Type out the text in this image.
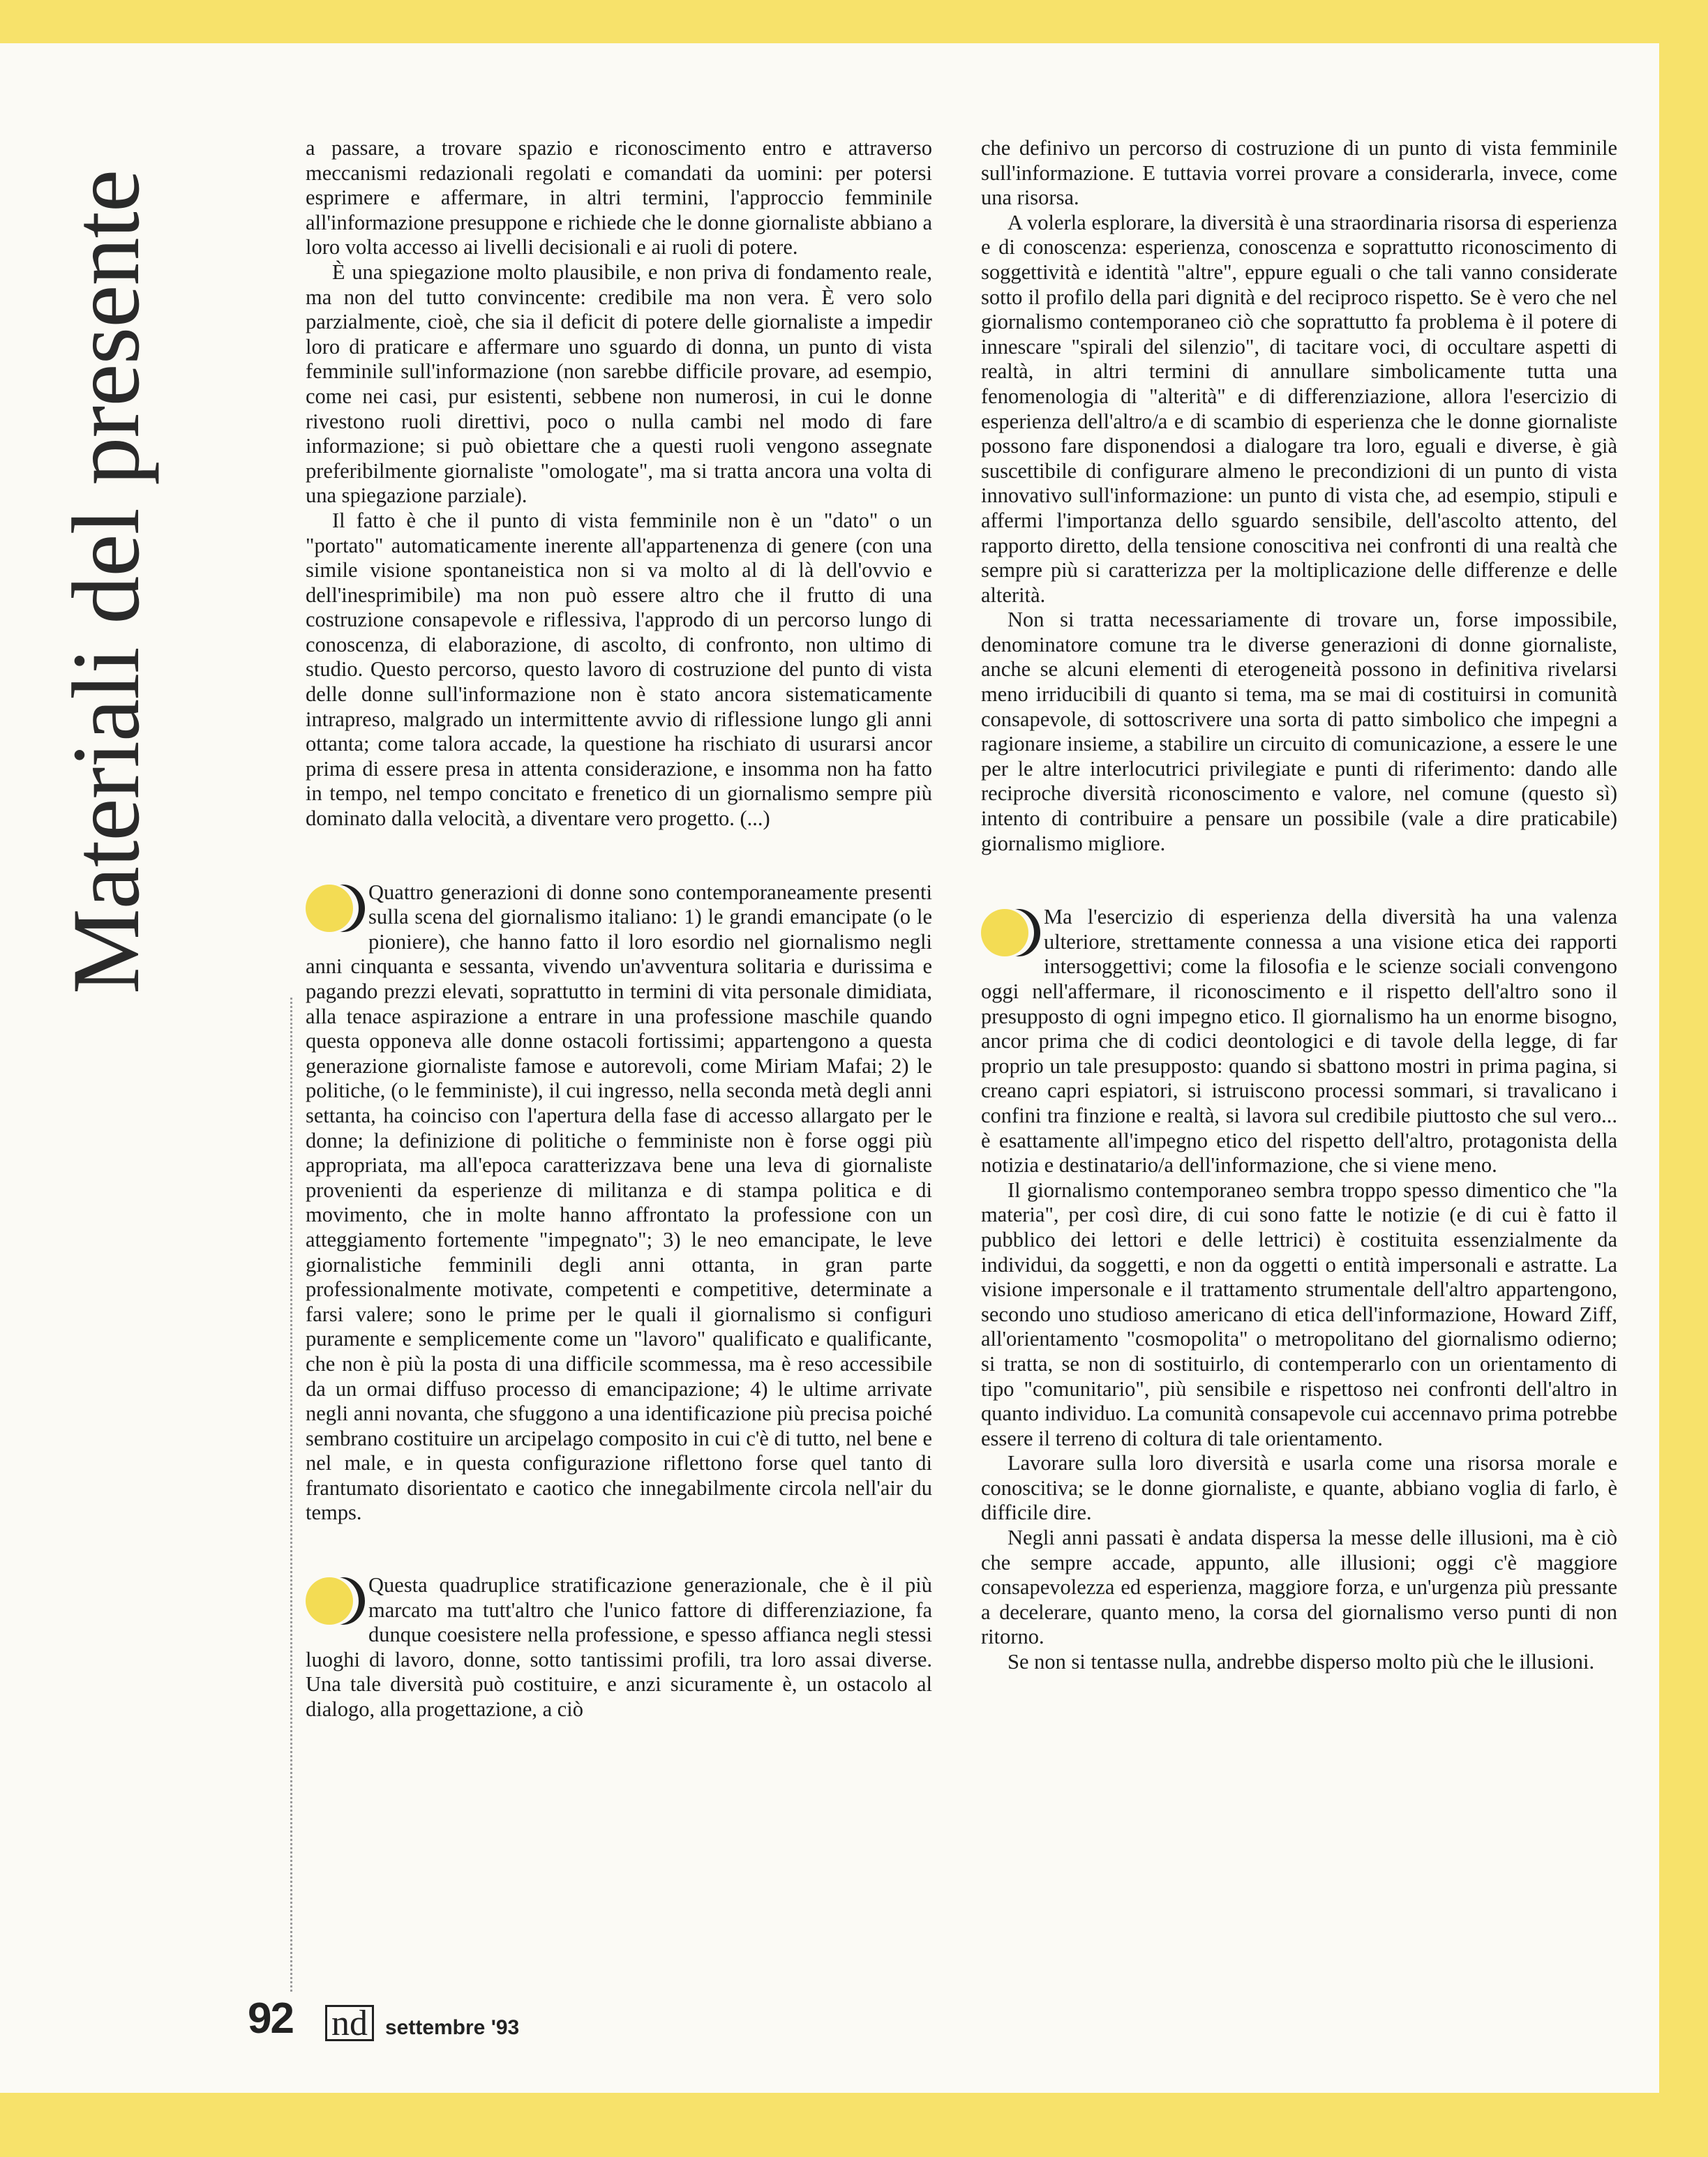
Materiali del presente

a passare, a trovare spazio e riconoscimento entro e attraverso meccanismi redazionali regolati e comandati da uomini: per potersi esprimere e affermare, in altri termini, l'approccio femminile all'informazione presuppone e richiede che le donne giornaliste abbiano a loro volta accesso ai livelli decisionali e ai ruoli di potere.

È una spiegazione molto plausibile, e non priva di fondamento reale, ma non del tutto convincente: credibile ma non vera. È vero solo parzialmente, cioè, che sia il deficit di potere delle giornaliste a impedir loro di praticare e affermare uno sguardo di donna, un punto di vista femminile sull'informazione (non sarebbe difficile provare, ad esempio, come nei casi, pur esistenti, sebbene non numerosi, in cui le donne rivestono ruoli direttivi, poco o nulla cambi nel modo di fare informazione; si può obiettare che a questi ruoli vengono assegnate preferibilmente giornaliste "omologate", ma si tratta ancora una volta di una spiegazione parziale).

Il fatto è che il punto di vista femminile non è un "dato" o un "portato" automaticamente inerente all'appartenenza di genere (con una simile visione spontaneistica non si va molto al di là dell'ovvio e dell'inesprimibile) ma non può essere altro che il frutto di una costruzione consapevole e riflessiva, l'approdo di un percorso lungo di conoscenza, di elaborazione, di ascolto, di confronto, non ultimo di studio. Questo percorso, questo lavoro di costruzione del punto di vista delle donne sull'informazione non è stato ancora sistematicamente intrapreso, malgrado un intermittente avvio di riflessione lungo gli anni ottanta; come talora accade, la questione ha rischiato di usurarsi ancor prima di essere presa in attenta considerazione, e insomma non ha fatto in tempo, nel tempo concitato e frenetico di un giornalismo sempre più dominato dalla velocità, a diventare vero progetto. (...)

Quattro generazioni di donne sono contemporaneamente presenti sulla scena del giornalismo italiano: 1) le grandi emancipate (o le pioniere), che hanno fatto il loro esordio nel giornalismo negli anni cinquanta e sessanta, vivendo un'avventura solitaria e durissima e pagando prezzi elevati, soprattutto in termini di vita personale dimidiata, alla tenace aspirazione a entrare in una professione maschile quando questa opponeva alle donne ostacoli fortissimi; appartengono a questa generazione giornaliste famose e autorevoli, come Miriam Mafai; 2) le politiche, (o le femministe), il cui ingresso, nella seconda metà degli anni settanta, ha coinciso con l'apertura della fase di accesso allargato per le donne; la definizione di politiche o femministe non è forse oggi più appropriata, ma all'epoca caratterizzava bene una leva di giornaliste provenienti da esperienze di militanza e di stampa politica e di movimento, che in molte hanno affrontato la professione con un atteggiamento fortemente "impegnato"; 3) le neo emancipate, le leve giornalistiche femminili degli anni ottanta, in gran parte professionalmente motivate, competenti e competitive, determinate a farsi valere; sono le prime per le quali il giornalismo si configuri puramente e semplicemente come un "lavoro" qualificato e qualificante, che non è più la posta di una difficile scommessa, ma è reso accessibile da un ormai diffuso processo di emancipazione; 4) le ultime arrivate negli anni novanta, che sfuggono a una identificazione più precisa poiché sembrano costituire un arcipelago composito in cui c'è di tutto, nel bene e nel male, e in questa configurazione riflettono forse quel tanto di frantumato disorientato e caotico che innegabilmente circola nell'air du temps.

Questa quadruplice stratificazione generazionale, che è il più marcato ma tutt'altro che l'unico fattore di differenziazione, fa dunque coesistere nella professione, e spesso affianca negli stessi luoghi di lavoro, donne, sotto tantissimi profili, tra loro assai diverse. Una tale diversità può costituire, e anzi sicuramente è, un ostacolo al dialogo, alla progettazione, a ciò

che definivo un percorso di costruzione di un punto di vista femminile sull'informazione. E tuttavia vorrei provare a considerarla, invece, come una risorsa.

A volerla esplorare, la diversità è una straordinaria risorsa di esperienza e di conoscenza: esperienza, conoscenza e soprattutto riconoscimento di soggettività e identità "altre", eppure eguali o che tali vanno considerate sotto il profilo della pari dignità e del reciproco rispetto. Se è vero che nel giornalismo contemporaneo ciò che soprattutto fa problema è il potere di innescare "spirali del silenzio", di tacitare voci, di occultare aspetti di realtà, in altri termini di annullare simbolicamente tutta una fenomenologia di "alterità" e di differenziazione, allora l'esercizio di esperienza dell'altro/a e di scambio di esperienza che le donne giornaliste possono fare disponendosi a dialogare tra loro, eguali e diverse, è già suscettibile di configurare almeno le precondizioni di un punto di vista innovativo sull'informazione: un punto di vista che, ad esempio, stipuli e affermi l'importanza dello sguardo sensibile, dell'ascolto attento, del rapporto diretto, della tensione conoscitiva nei confronti di una realtà che sempre più si caratterizza per la moltiplicazione delle differenze e delle alterità.

Non si tratta necessariamente di trovare un, forse impossibile, denominatore comune tra le diverse generazioni di donne giornaliste, anche se alcuni elementi di eterogeneità possono in definitiva rivelarsi meno irriducibili di quanto si tema, ma se mai di costituirsi in comunità consapevole, di sottoscrivere una sorta di patto simbolico che impegni a ragionare insieme, a stabilire un circuito di comunicazione, a essere le une per le altre interlocutrici privilegiate e punti di riferimento: dando alle reciproche diversità riconoscimento e valore, nel comune (questo sì) intento di contribuire a pensare un possibile (vale a dire praticabile) giornalismo migliore.

Ma l'esercizio di esperienza della diversità ha una valenza ulteriore, strettamente connessa a una visione etica dei rapporti intersoggettivi; come la filosofia e le scienze sociali convengono oggi nell'affermare, il riconoscimento e il rispetto dell'altro sono il presupposto di ogni impegno etico. Il giornalismo ha un enorme bisogno, ancor prima che di codici deontologici e di tavole della legge, di far proprio un tale presupposto: quando si sbattono mostri in prima pagina, si creano capri espiatori, si istruiscono processi sommari, si travalicano i confini tra finzione e realtà, si lavora sul credibile piuttosto che sul vero... è esattamente all'impegno etico del rispetto dell'altro, protagonista della notizia e destinatario/a dell'informazione, che si viene meno.

Il giornalismo contemporaneo sembra troppo spesso dimentico che "la materia", per così dire, di cui sono fatte le notizie (e di cui è fatto il pubblico dei lettori e delle lettrici) è costituita essenzialmente da individui, da soggetti, e non da oggetti o entità impersonali e astratte. La visione impersonale e il trattamento strumentale dell'altro appartengono, secondo uno studioso americano di etica dell'informazione, Howard Ziff, all'orientamento "cosmopolita" o metropolitano del giornalismo odierno; si tratta, se non di sostituirlo, di contemperarlo con un orientamento di tipo "comunitario", più sensibile e rispettoso nei confronti dell'altro in quanto individuo. La comunità consapevole cui accennavo prima potrebbe essere il terreno di coltura di tale orientamento.

Lavorare sulla loro diversità e usarla come una risorsa morale e conoscitiva; se le donne giornaliste, e quante, abbiano voglia di farlo, è difficile dire.

Negli anni passati è andata dispersa la messe delle illusioni, ma è ciò che sempre accade, appunto, alle illusioni; oggi c'è maggiore consapevolezza ed esperienza, maggiore forza, e un'urgenza più pressante a decelerare, quanto meno, la corsa del giornalismo verso punti di non ritorno.

Se non si tentasse nulla, andrebbe disperso molto più che le illusioni.

92 nd settembre '93
